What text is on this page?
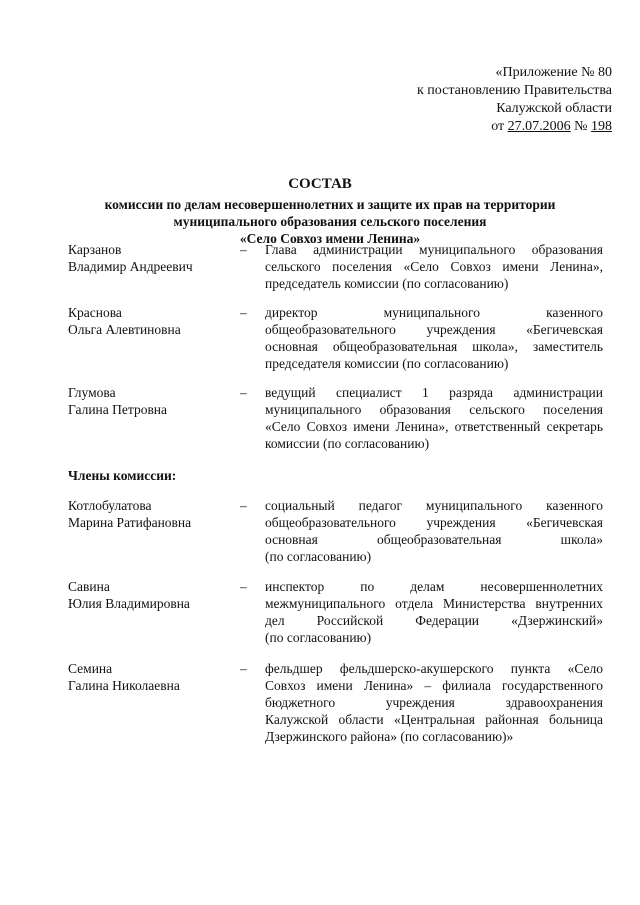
«Приложение № 80
к постановлению Правительства
Калужской области
от 27.07.2006 № 198
СОСТАВ
комиссии по делам несовершеннолетних и защите их прав на территории
муниципального образования сельского поселения
«Село Совхоз имени Ленина»
Карзанов
Владимир Андреевич
– Глава администрации муниципального образования
сельского поселения «Село Совхоз имени Ленина»,
председатель комиссии (по согласованию)
Краснова
Ольга Алевтиновна
– директор муниципального казенного
общеобразовательного учреждения «Бегичевская
основная общеобразовательная школа», заместитель
председателя комиссии (по согласованию)
Глумова
Галина Петровна
– ведущий специалист 1 разряда администрации
муниципального образования сельского поселения
«Село Совхоз имени Ленина», ответственный секретарь
комиссии (по согласованию)
Члены комиссии:
Котлобулатова
Марина Ратифановна
– социальный педагог муниципального казенного
общеобразовательного учреждения «Бегичевская
основная общеобразовательная школа»
(по согласованию)
Савина
Юлия Владимировна
– инспектор по делам несовершеннолетних
межмуниципального отдела Министерства внутренних
дел Российской Федерации «Дзержинский»
(по согласованию)
Семина
Галина Николаевна
– фельдшер фельдшерско-акушерского пункта «Село
Совхоз имени Ленина» – филиала государственного
бюджетного учреждения здравоохранения
Калужской области «Центральная районная больница
Дзержинского района» (по согласованию)»
